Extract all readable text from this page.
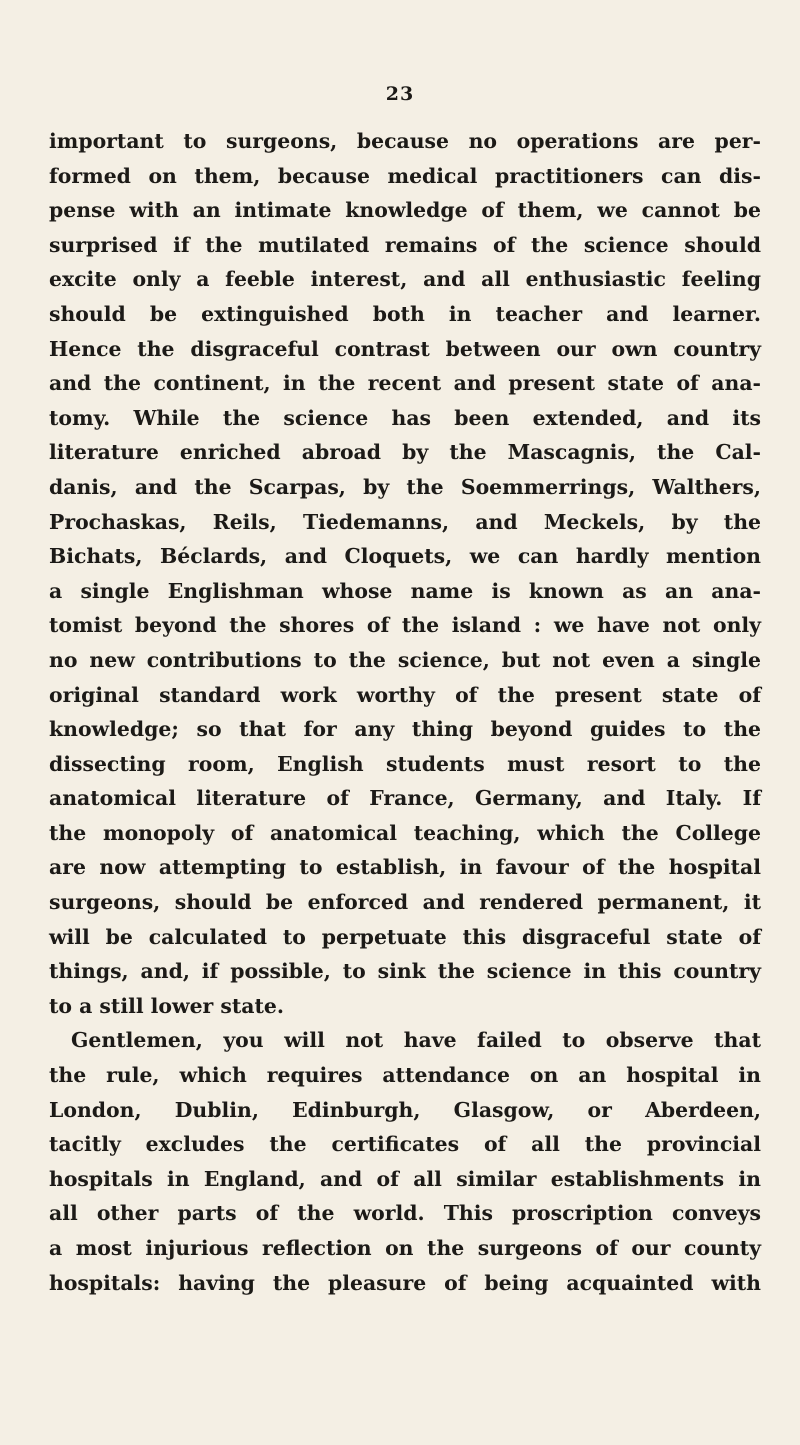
23
important to surgeons, because no operations are per-
formed on them, because medical practitioners can dis-
pense with an intimate knowledge of them, we cannot be
surprised if the mutilated remains of the science should
excite only a feeble interest, and all enthusiastic feeling
should be extinguished both in teacher and learner.
Hence the disgraceful contrast between our own country
and the continent, in the recent and present state of ana-
tomy. While the science has been extended, and its
literature enriched abroad by the Mascagnis, the Cal-
danis, and the Scarpas, by the Soemmerrings, Walthers,
Prochaskas, Reils, Tiedemanns, and Meckels, by the
Bichats, Béclards, and Cloquets, we can hardly mention
a single Englishman whose name is known as an ana-
tomist beyond the shores of the island : we have not only
no new contributions to the science, but not even a single
original standard work worthy of the present state of
knowledge; so that for any thing beyond guides to the
dissecting room, English students must resort to the
anatomical literature of France, Germany, and Italy. If
the monopoly of anatomical teaching, which the College
are now attempting to establish, in favour of the hospital
surgeons, should be enforced and rendered permanent, it
will be calculated to perpetuate this disgraceful state of
things, and, if possible, to sink the science in this country
to a still lower state.
Gentlemen, you will not have failed to observe that
the rule, which requires attendance on an hospital in
London, Dublin, Edinburgh, Glasgow, or Aberdeen,
tacitly excludes the certificates of all the provincial
hospitals in England, and of all similar establishments in
all other parts of the world. This proscription conveys
a most injurious reflection on the surgeons of our county
hospitals: having the pleasure of being acquainted with
